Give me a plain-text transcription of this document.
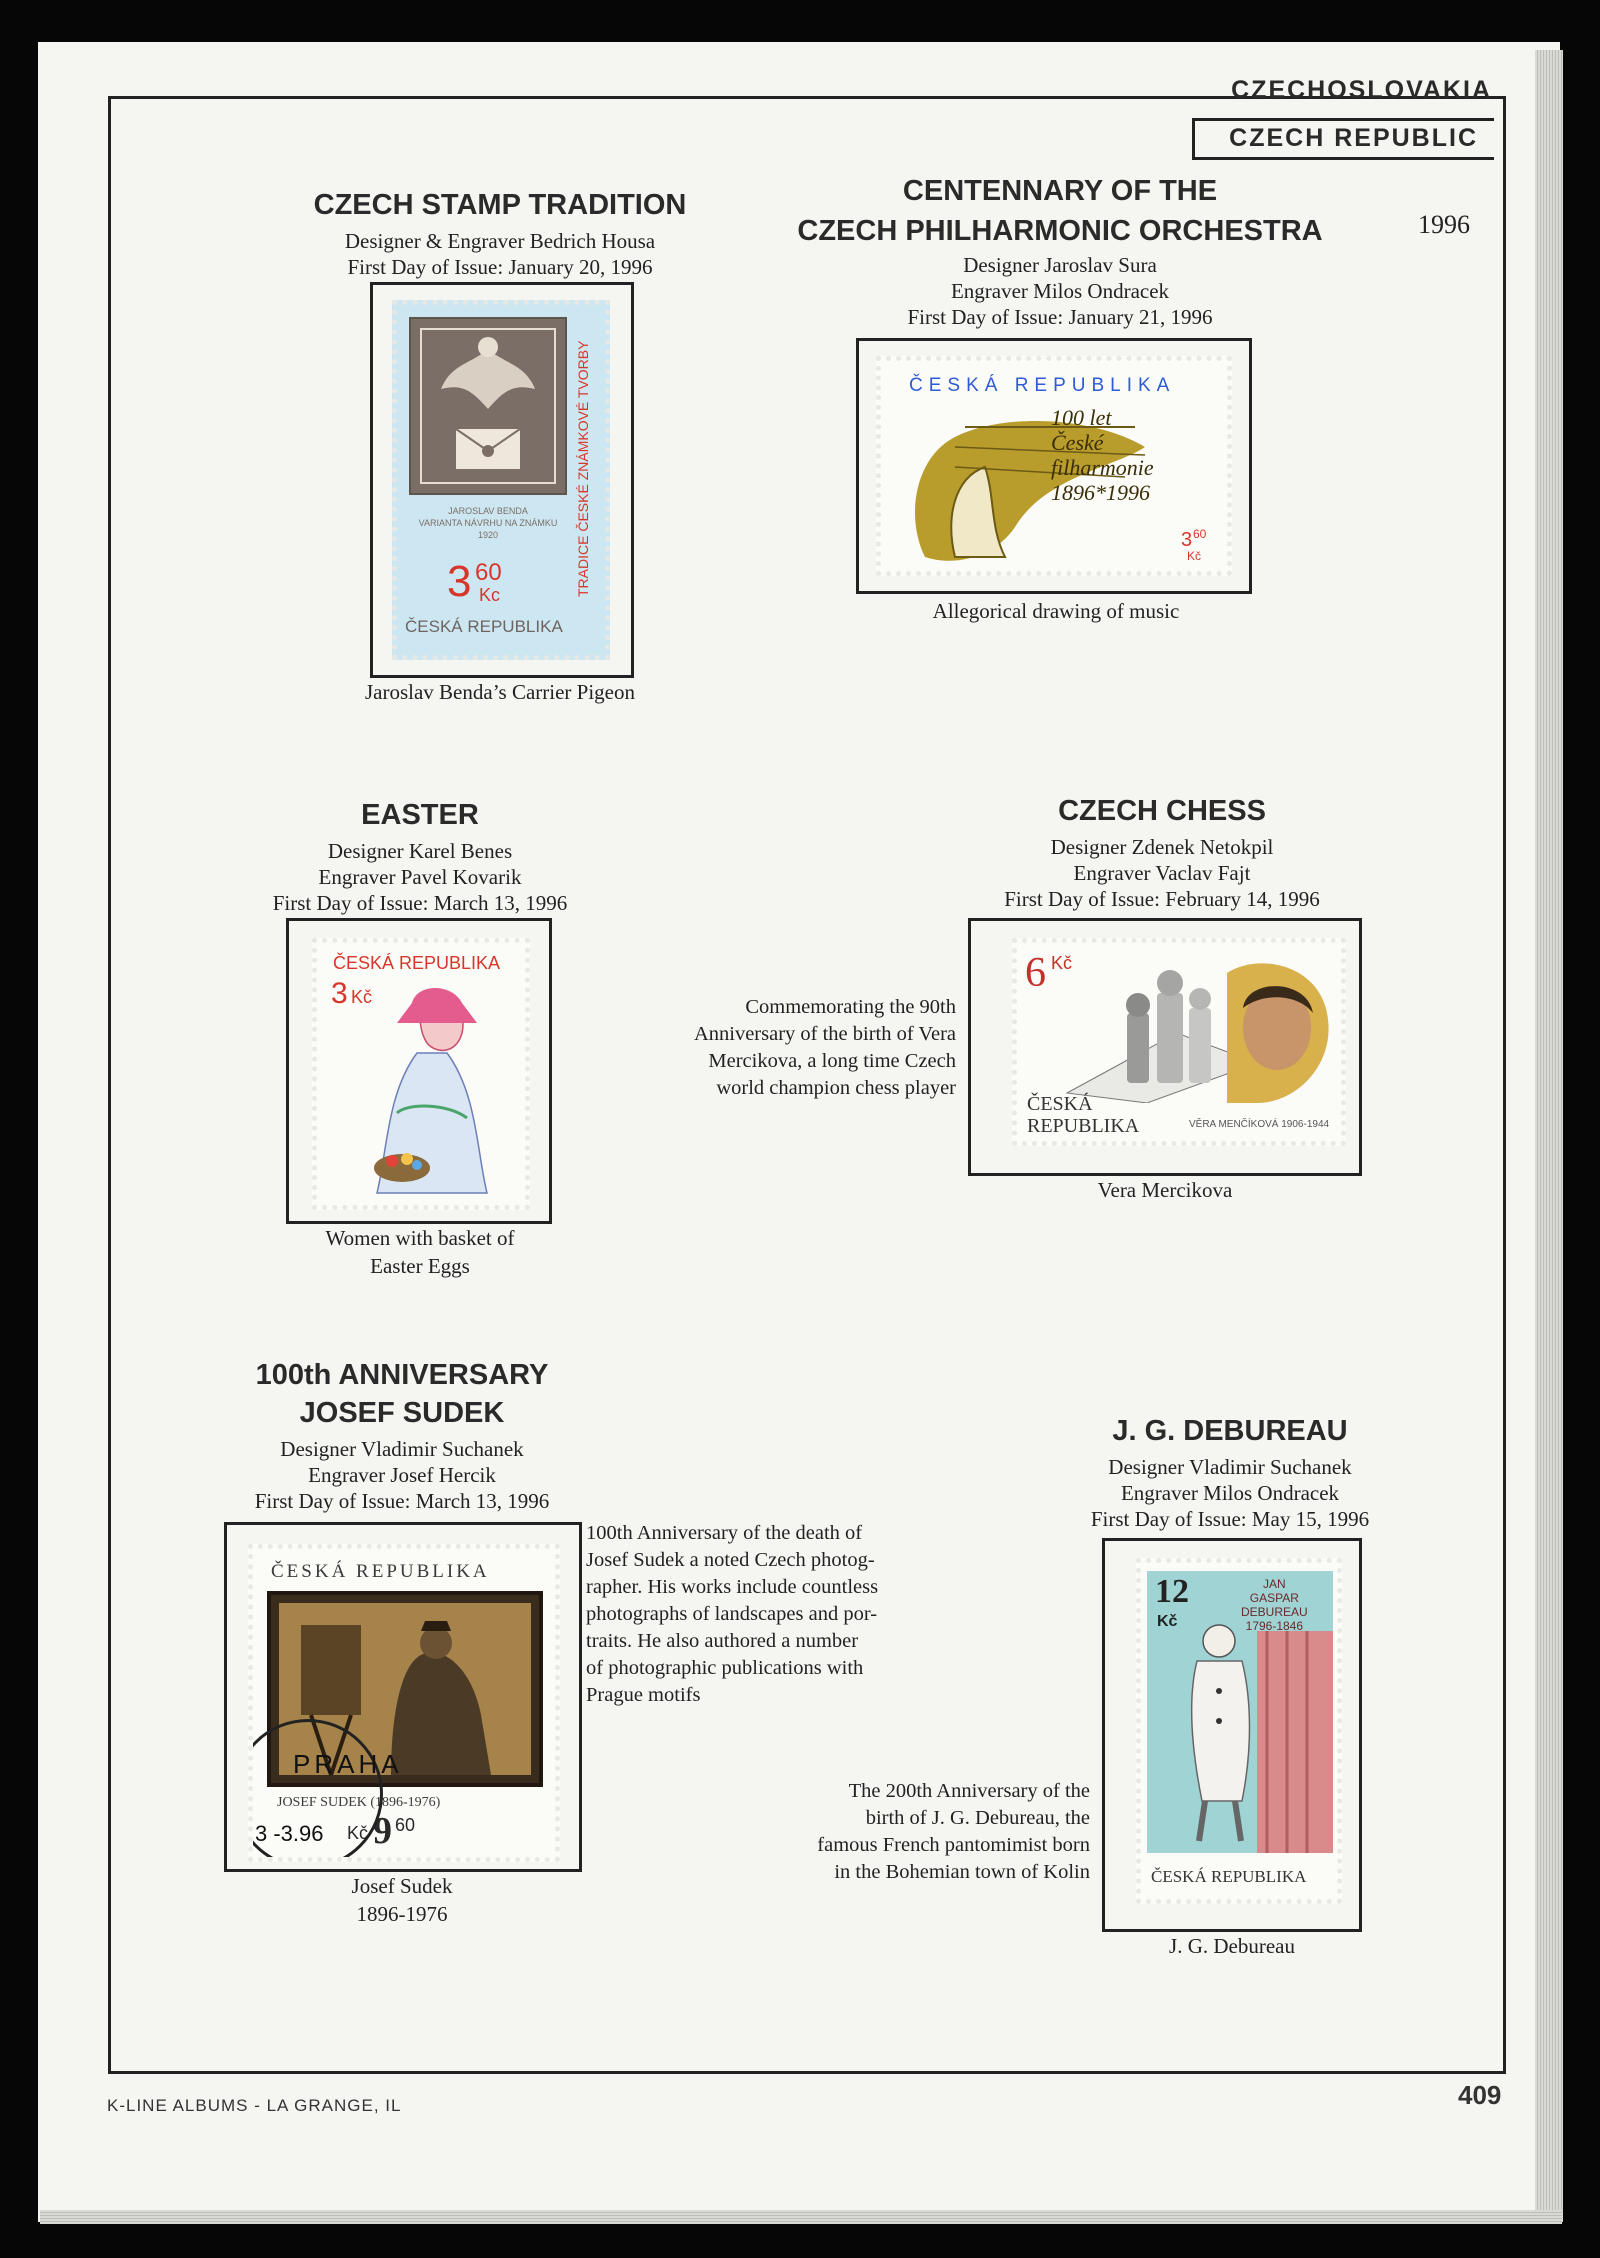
CZECHOSLOVAKIA
CZECH REPUBLIC
1996
CZECH STAMP TRADITION
Designer & Engraver Bedrich Housa
First Day of Issue: January 20, 1996
JAROSLAV BENDA
VARIANTA NÁVRHU NA ZNÁMKU
1920
3 60
Kc
ČESKÁ REPUBLIKA
TRADICE ČESKÉ ZNÁMKOVÉ TVORBY
Jaroslav Benda’s Carrier Pigeon
CENTENNARY OF THE
CZECH PHILHARMONIC ORCHESTRA
Designer Jaroslav Sura
Engraver Milos Ondracek
First Day of Issue: January 21, 1996
ČESKÁ REPUBLIKA
100 let
České
filharmonie
1896*1996
3 60
Kč
Allegorical drawing of music
EASTER
Designer Karel Benes
Engraver Pavel Kovarik
First Day of Issue: March 13, 1996
ČESKÁ REPUBLIKA
3 Kč
Women with basket of
Easter Eggs
CZECH CHESS
Designer Zdenek Netokpil
Engraver Vaclav Fajt
First Day of Issue: February 14, 1996
Commemorating the 90th
Anniversary of the birth of Vera
Mercikova, a long time Czech
world champion chess player
6 Kč
ČESKÁ
REPUBLIKA	VĚRA MENČÍKOVÁ 1906-1944
Vera Mercikova
100th ANNIVERSARY
JOSEF SUDEK
Designer Vladimir Suchanek
Engraver Josef Hercik
First Day of Issue: March 13, 1996
ČESKÁ REPUBLIKA
JOSEF SUDEK (1896-1976)
9 60
Kč
PRAHA
3 -3.96
100th Anniversary of the death of
Josef Sudek a noted Czech photog-
rapher. His works include countless
photographs of landscapes and por-
traits. He also authored a number
of photographic publications with
Prague motifs
Josef Sudek
1896-1976
J. G. DEBUREAU
Designer Vladimir Suchanek
Engraver Milos Ondracek
First Day of Issue: May 15, 1996
The 200th Anniversary of the
birth of J. G. Debureau, the
famous French pantomimist born
in the Bohemian town of Kolin
12
Kč
JAN
GASPAR
DEBUREAU
1796-1846
ČESKÁ REPUBLIKA
J. G. Debureau
K-LINE ALBUMS - LA GRANGE, IL	409
